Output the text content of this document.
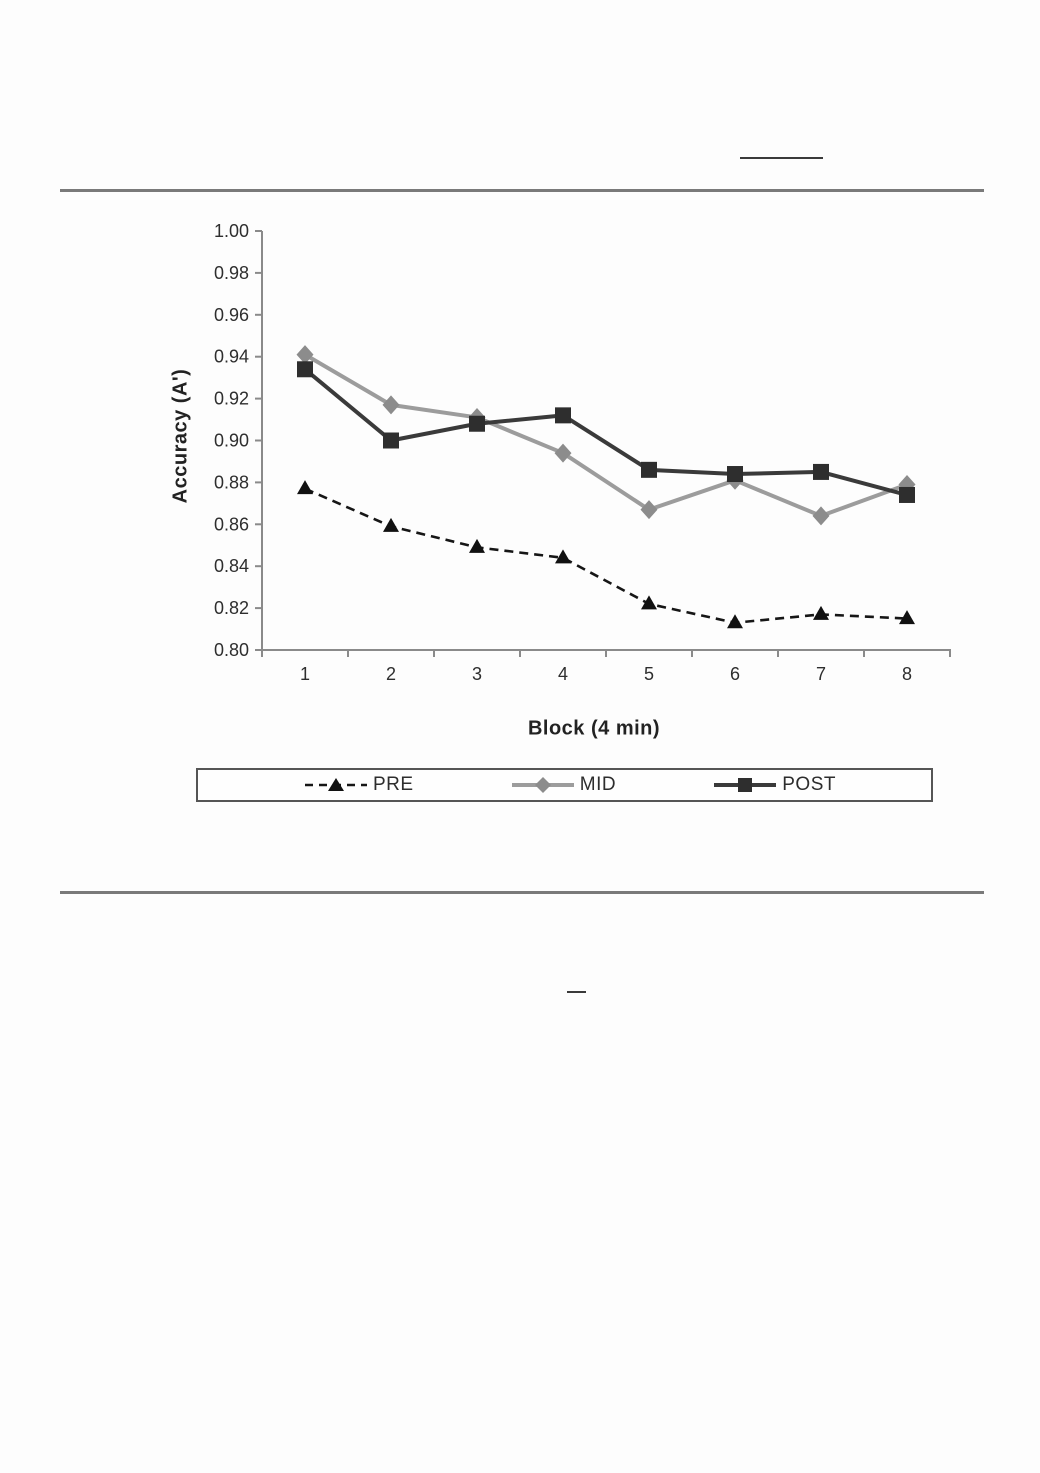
0.80
0.82
0.84
0.86
0.88
0.90
0.92
0.94
0.96
0.98
1.00
1	2	3	4	5	6	7	8
Accuracy (A')
Block (4 min)
PRE	MID	POST
